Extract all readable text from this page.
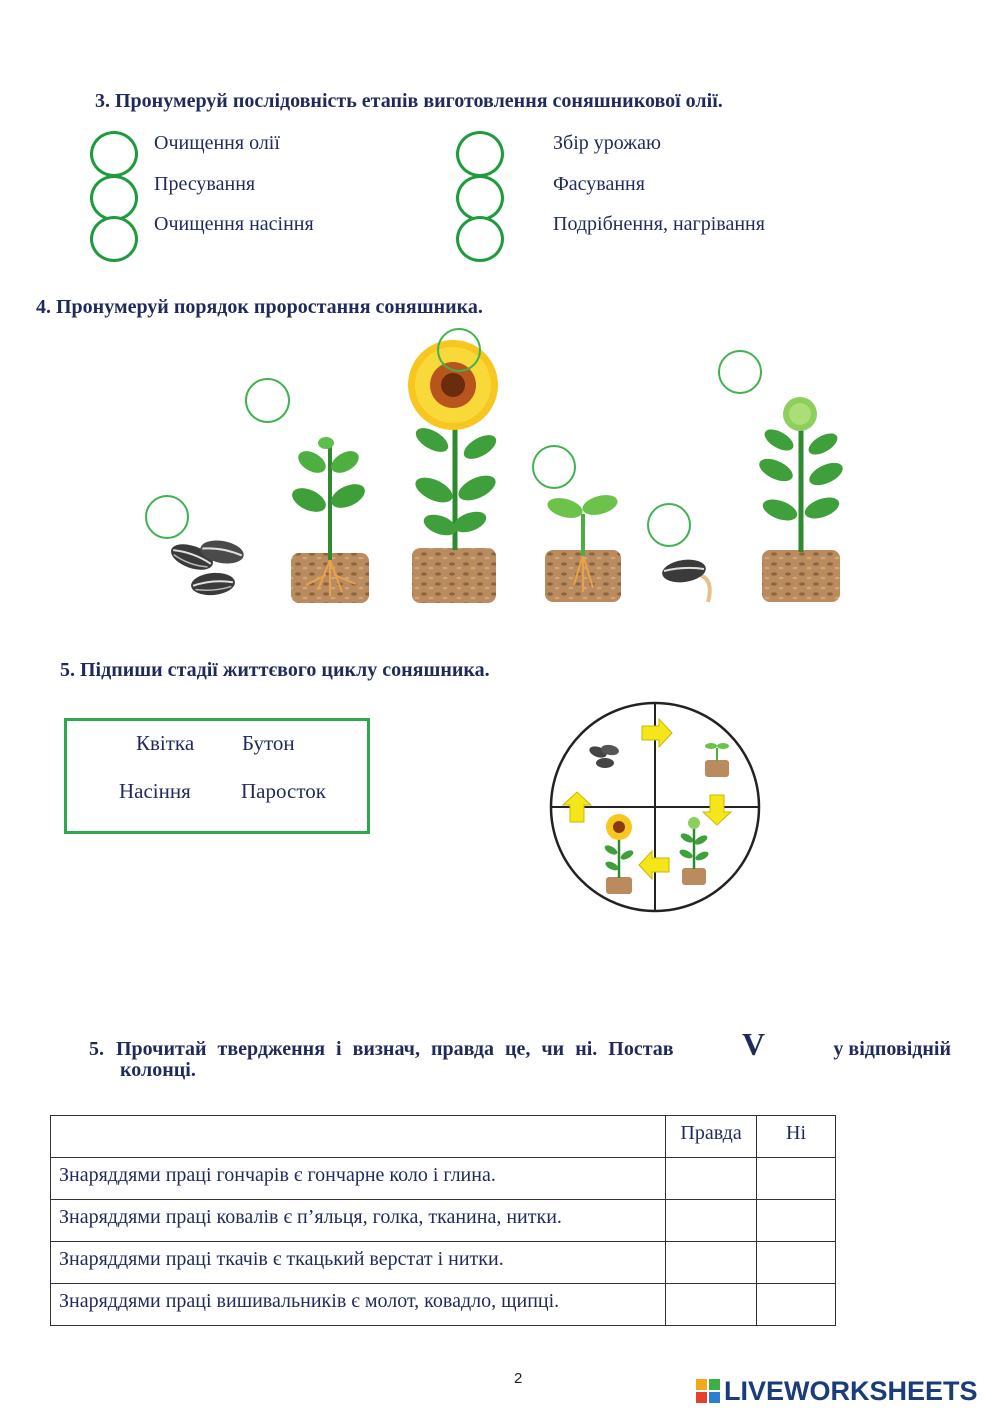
3. Пронумеруй послідовність етапів виготовлення соняшникової олії.
Очищення олії
Пресування
Очищення насіння
Збір урожаю
Фасування
Подрібнення, нагрівання
4. Пронумеруй порядок проростання соняшника.
5. Підпиши стадії життєвого циклу соняшника.
Квітка Бутон
Насіння Паросток
5. Прочитай твердження і визнач, правда це, чи ні. Постав V	у відповідній
колонці.
	Правда	Ні
Знаряддями праці гончарів є гончарне коло і глина.		
Знаряддями праці ковалів є п’яльця, голка, тканина, нитки.		
Знаряддями праці ткачів є ткацький верстат і нитки.		
Знаряддями праці вишивальників є молот, ковадло, щипці.		
2	LIVEWORKSHEETS
